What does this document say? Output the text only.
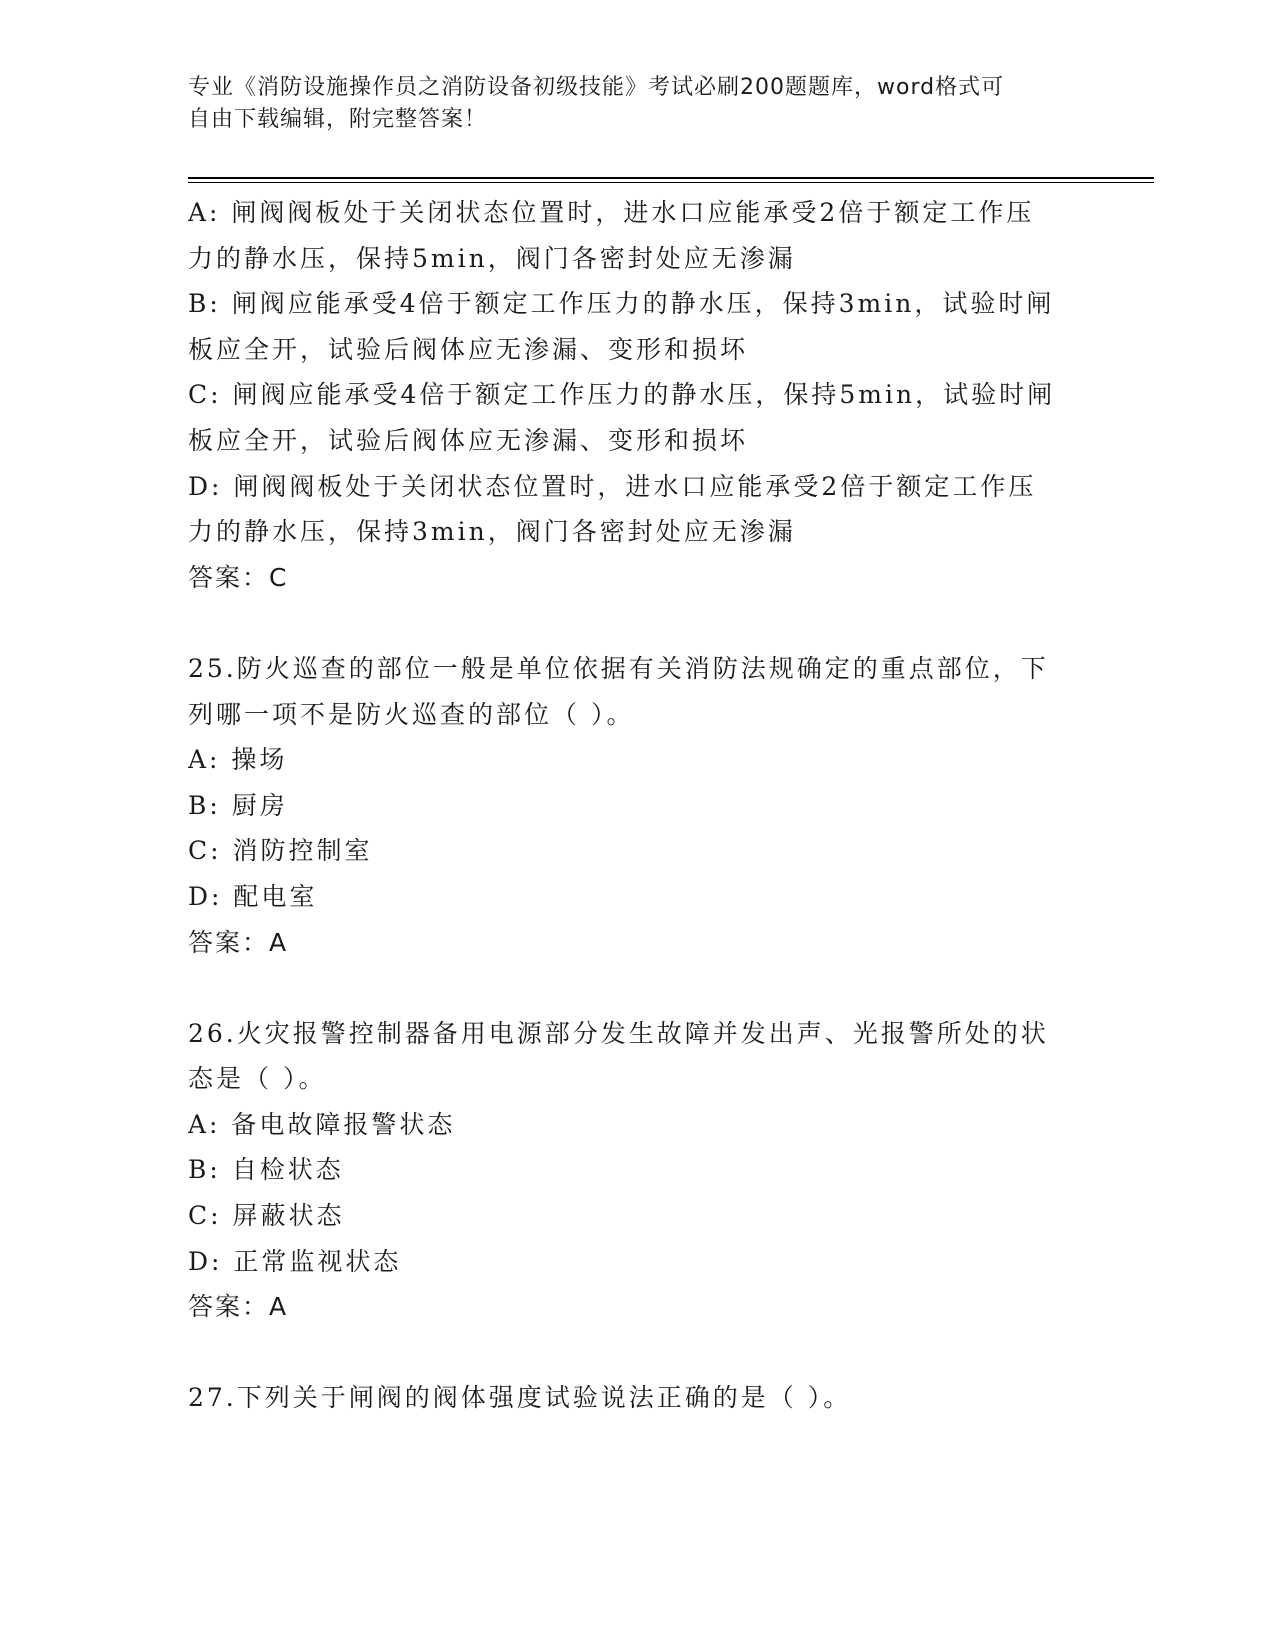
专业《消防设施操作员之消防设备初级技能》考试必刷200题题库，word格式可
自由下载编辑，附完整答案！
A: 闸阀阀板处于关闭状态位置时，进水口应能承受2倍于额定工作压
力的静水压，保持5min，阀门各密封处应无渗漏
B: 闸阀应能承受4倍于额定工作压力的静水压，保持3min，试验时闸
板应全开，试验后阀体应无渗漏、变形和损坏
C: 闸阀应能承受4倍于额定工作压力的静水压，保持5min，试验时闸
板应全开，试验后阀体应无渗漏、变形和损坏
D: 闸阀阀板处于关闭状态位置时，进水口应能承受2倍于额定工作压
力的静水压，保持3min，阀门各密封处应无渗漏
答案：C
25.防火巡查的部位一般是单位依据有关消防法规确定的重点部位，下
列哪一项不是防火巡查的部位（ ）。
A: 操场
B: 厨房
C: 消防控制室
D: 配电室
答案：A
26.火灾报警控制器备用电源部分发生故障并发出声、光报警所处的状
态是（ ）。
A: 备电故障报警状态
B: 自检状态
C: 屏蔽状态
D: 正常监视状态
答案：A
27.下列关于闸阀的阀体强度试验说法正确的是（ ）。
